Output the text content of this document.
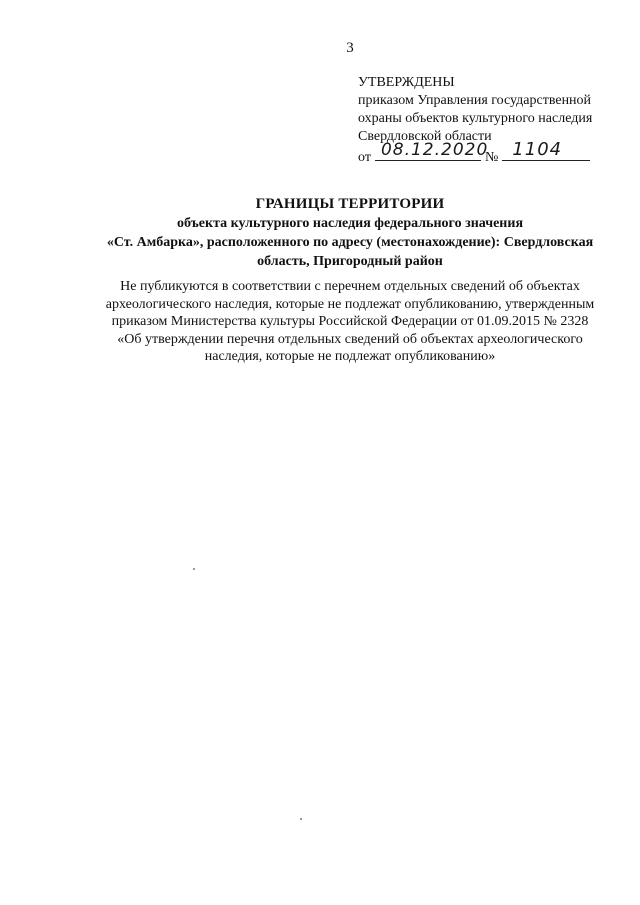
3
УТВЕРЖДЕНЫ
приказом Управления государственной
охраны объектов культурного наследия
Свердловской области
от 08.12.2020
№ 1104
ГРАНИЦЫ ТЕРРИТОРИИ
объекта культурного наследия федерального значения
«Ст. Амбарка», расположенного по адресу (местонахождение): Свердловская
область, Пригородный район
Не публикуются в соответствии с перечнем отдельных сведений об объектах
археологического наследия, которые не подлежат опубликованию, утвержденным
приказом Министерства культуры Российской Федерации от 01.09.2015 № 2328
«Об утверждении перечня отдельных сведений об объектах археологического
наследия, которые не подлежат опубликованию»
